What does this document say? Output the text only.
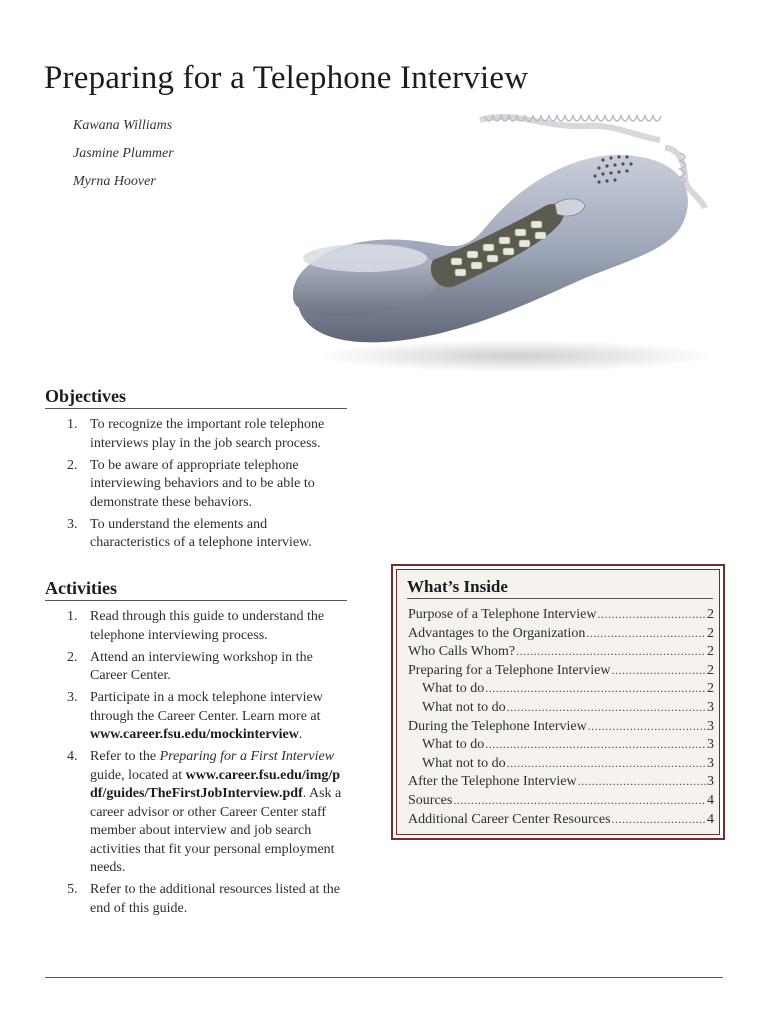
Preparing for a Telephone Interview
Kawana Williams
Jasmine Plummer
Myrna Hoover
Objectives
1. To recognize the important role telephone interviews play in the job search process.
2. To be aware of appropriate telephone interviewing behaviors and to be able to demonstrate these behaviors.
3. To understand the elements and characteristics of a telephone interview.
Activities
1. Read through this guide to understand the telephone interviewing process.
2. Attend an interviewing workshop in the Career Center.
3. Participate in a mock telephone interview through the Career Center. Learn more at www.career.fsu.edu/mockinterview.
4. Refer to the Preparing for a First Interview guide, located at www.career.fsu.edu/img/pdf/guides/TheFirstJobInterview.pdf. Ask a career advisor or other Career Center staff member about interview and job search activities that fit your personal employment needs.
5. Refer to the additional resources listed at the end of this guide.
What’s Inside
Purpose of a Telephone Interview .....	2
Advantages to the Organization .....	2
Who Calls Whom? .....	2
Preparing for a Telephone Interview .....	2
What to do .....	2
What not to do .....	3
During the Telephone Interview .....	3
What to do .....	3
What not to do .....	3
After the Telephone Interview .....	3
Sources .....	4
Additional Career Center Resources .....	4
